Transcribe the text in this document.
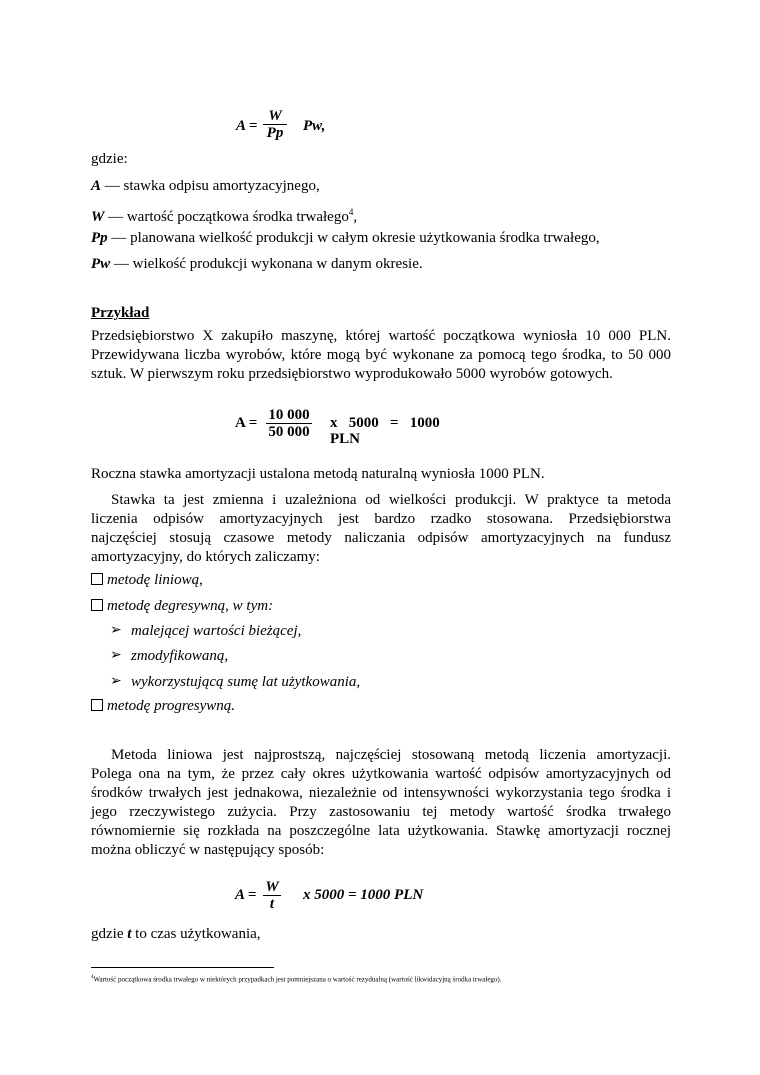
$A = \frac{W}{Pp} Pw$,
gdzie:
A — stawka odpisu amortyzacyjnego,
W — wartość początkowa środka trwałego$^4$,
Pp — planowana wielkość produkcji w całym okresie użytkowania środka trwałego,
Pw — wielkość produkcji wykonana w danym okresie.
Przykład
Przedsiębiorstwo X zakupiło maszynę, której wartość początkowa wyniosła 10 000 PLN.
Przewidywana liczba wyrobów, które mogą być wykonane za pomocą tego środka, to 50 000
sztuk. W pierwszym roku przedsiębiorstwo wyprodukowało 5000 wyrobów gotowych.
$A = \frac{10 000}{50 000}$ x   5000   =   1000
PLN
Roczna stawka amortyzacji ustalona metodą naturalną wyniosła 1000 PLN.
Stawka ta jest zmienna i uzależniona od wielkości produkcji. W praktyce ta metoda
liczenia odpisów amortyzacyjnych jest bardzo rzadko stosowana. Przedsiębiorstwa
najczęściej stosują czasowe metody naliczania odpisów amortyzacyjnych na fundusz
amortyzacyjny, do których zaliczamy:
metodę liniową,
metodę degresywną, w tym:
➢ malejącej wartości bieżącej,
➢ zmodyfikowaną,
➢ wykorzystującą sumę lat użytkowania,
metodę progresywną.
Metoda liniowa jest najprostszą, najczęściej stosowaną metodą liczenia amortyzacji.
Polega ona na tym, że przez cały okres użytkowania wartość odpisów amortyzacyjnych od
środków trwałych jest jednakowa, niezależnie od intensywności wykorzystania tego środka i
jego rzeczywistego zużycia. Przy zastosowaniu tej metody wartość środka trwałego
równomiernie się rozkłada na poszczególne lata użytkowania. Stawkę amortyzacji rocznej
można obliczyć w następujący sposób:
$A = \frac{W}{t}$ x 5000 = 1000 PLN
gdzie t to czas użytkowania,
$^4$Wartość początkowa środka trwałego w niektórych przypadkach jest pomniejszana o wartość rezydualną (wartość likwidacyjną środka trwałego).
